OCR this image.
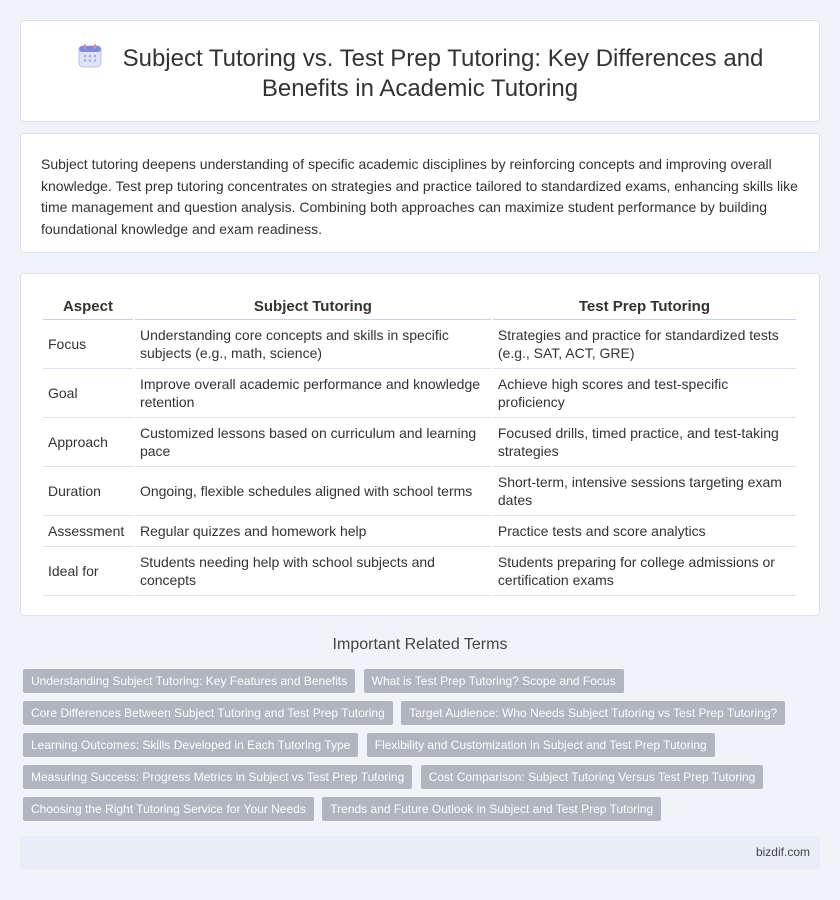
Subject Tutoring vs. Test Prep Tutoring: Key Differences and
Benefits in Academic Tutoring

Subject tutoring deepens understanding of specific academic disciplines by reinforcing concepts and improving overall knowledge. Test prep tutoring concentrates on strategies and practice tailored to standardized exams, enhancing skills like time management and question analysis. Combining both approaches can maximize student performance by building foundational knowledge and exam readiness.

Aspect	Subject Tutoring	Test Prep Tutoring
Focus	Understanding core concepts and skills in specific subjects (e.g., math, science)	Strategies and practice for standardized tests (e.g., SAT, ACT, GRE)
Goal	Improve overall academic performance and knowledge retention	Achieve high scores and test-specific proficiency
Approach	Customized lessons based on curriculum and learning pace	Focused drills, timed practice, and test-taking strategies
Duration	Ongoing, flexible schedules aligned with school terms	Short-term, intensive sessions targeting exam dates
Assessment	Regular quizzes and homework help	Practice tests and score analytics
Ideal for	Students needing help with school subjects and concepts	Students preparing for college admissions or certification exams
Important Related Terms
Understanding Subject Tutoring: Key Features and Benefits What is Test Prep Tutoring? Scope and Focus
Core Differences Between Subject Tutoring and Test Prep Tutoring Target Audience: Who Needs Subject Tutoring vs Test Prep Tutoring?
Learning Outcomes: Skills Developed in Each Tutoring Type Flexibility and Customization in Subject and Test Prep Tutoring
Measuring Success: Progress Metrics in Subject vs Test Prep Tutoring Cost Comparison: Subject Tutoring Versus Test Prep Tutoring
Choosing the Right Tutoring Service for Your Needs Trends and Future Outlook in Subject and Test Prep Tutoring
bizdif.com
